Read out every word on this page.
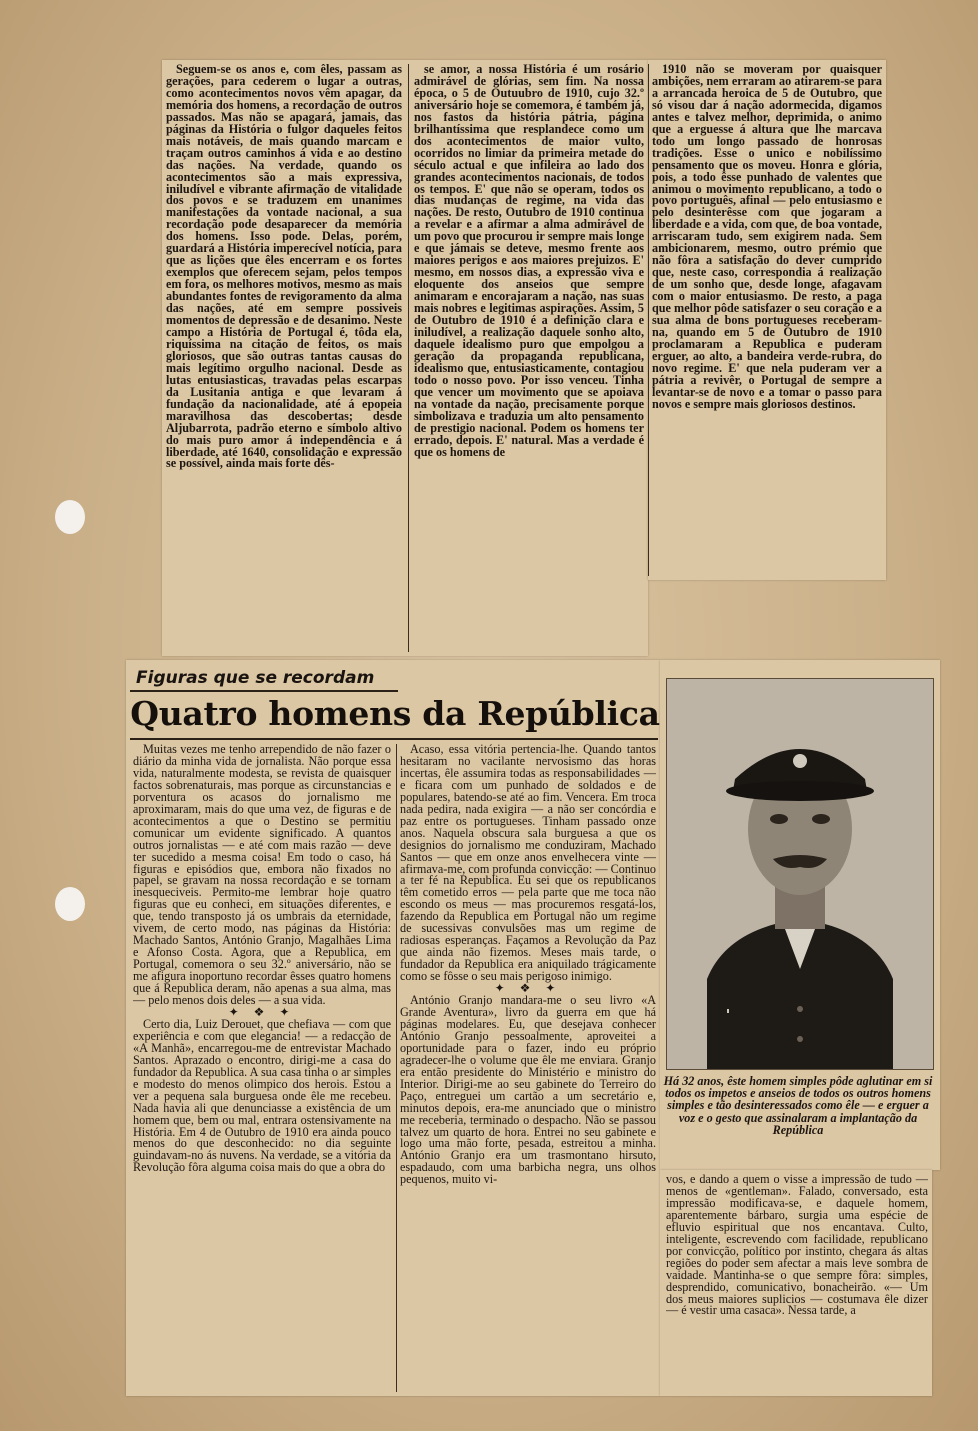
Seguem-se os anos e, com êles, passam as gerações, para cederem o lugar a outras, como acontecimentos novos vêm apagar, da memória dos homens, a recordação de outros passados. Mas não se apagará, jamais, das páginas da História o fulgor daqueles feitos mais notáveis, de mais quando marcam e traçam outros caminhos á vida e ao destino das nações. Na verdade, quando os acontecimentos são a mais expressiva, iniludível e vibrante afirmação de vitalidade dos povos e se traduzem em unanimes manifestações da vontade nacional, a sua recordação pode desaparecer da memória dos homens. Isso pode. Delas, porém, guardará a História imperecível notícia, para que as lições que êles encerram e os fortes exemplos que oferecem sejam, pelos tempos em fora, os melhores motivos, mesmo as mais abundantes fontes de revigoramento da alma das nações, até em sempre possiveis momentos de depressão e de desanimo. Neste campo a História de Portugal é, tôda ela, riquíssima na citação de feitos, os mais gloriosos, que são outras tantas causas do mais legítimo orgulho nacional. Desde as lutas entusiasticas, travadas pelas escarpas da Lusitania antiga e que levaram á fundação da nacionalidade, até á epopeia maravilhosa das descobertas; desde Aljubarrota, padrão eterno e símbolo altivo do mais puro amor á independência e á liberdade, até 1640, consolidação e expressão se possível, ainda mais forte dês-

se amor, a nossa História é um rosário admirável de glórias, sem fim. Na nossa época, o 5 de Outuubro de 1910, cujo 32.º aniversário hoje se comemora, é também já, nos fastos da história pátria, página brilhantíssima que resplandece como um dos acontecimentos de maior vulto, ocorridos no limiar da primeira metade do século actual e que infileira ao lado dos grandes acontecimentos nacionais, de todos os tempos. E' que não se operam, todos os dias mudanças de regime, na vida das nações. De resto, Outubro de 1910 continua a revelar e a afirmar a alma admirável de um povo que procurou ir sempre mais longe e que jámais se deteve, mesmo frente aos maiores perigos e aos maiores prejuizos. E' mesmo, em nossos dias, a expressão viva e eloquente dos anseios que sempre animaram e encorajaram a nação, nas suas mais nobres e legitimas aspirações. Assim, 5 de Outubro de 1910 é a definição clara e iniludível, a realização daquele sonho alto, daquele idealismo puro que empolgou a geração da propaganda republicana, idealismo que, entusiasticamente, contagiou todo o nosso povo. Por isso venceu. Tinha que vencer um movimento que se apoiava na vontade da nação, precisamente porque simbolizava e traduzia um alto pensamento de prestigio nacional. Podem os homens ter errado, depois. E' natural. Mas a verdade é que os homens de

1910 não se moveram por quaisquer ambições, nem erraram ao atirarem-se para a arrancada heroica de 5 de Outubro, que só visou dar á nação adormecida, digamos antes e talvez melhor, deprimida, o animo que a erguesse á altura que lhe marcava todo um longo passado de honrosas tradições. Esse o unico e nobilíssimo pensamento que os moveu. Honra e glória, pois, a todo êsse punhado de valentes que animou o movimento republicano, a todo o povo português, afinal — pelo entusiasmo e pelo desinterêsse com que jogaram a liberdade e a vida, com que, de boa vontade, arriscaram tudo, sem exigirem nada. Sem ambicionarem, mesmo, outro prémio que não fôra a satisfação do dever cumprido que, neste caso, correspondia á realização de um sonho que, desde longe, afagavam com o maior entusiasmo. De resto, a paga que melhor pôde satisfazer o seu coração e a sua alma de bons portugueses receberam-na, quando em 5 de Outubro de 1910 proclamaram a Republica e puderam erguer, ao alto, a bandeira verde-rubra, do novo regime. E' que nela puderam ver a pátria a revivêr, o Portugal de sempre a levantar-se de novo e a tomar o passo para novos e sempre mais gloriosos destinos.

Figuras que se recordam
Quatro homens da República

Muitas vezes me tenho arrependido de não fazer o diário da minha vida de jornalista. Não porque essa vida, naturalmente modesta, se revista de quaisquer factos sobrenaturais, mas porque as circunstancias e porventura os acasos do jornalismo me aproximaram, mais do que uma vez, de figuras e de acontecimentos a que o Destino se permitiu comunicar um evidente significado. A quantos outros jornalistas — e até com mais razão — deve ter sucedido a mesma coisa! Em todo o caso, há figuras e episódios que, embora não fixados no papel, se gravam na nossa recordação e se tornam inesqueciveis. Permito-me lembrar hoje quatro figuras que eu conheci, em situações diferentes, e que, tendo transposto já os umbrais da eternidade, vivem, de certo modo, nas páginas da História: Machado Santos, António Granjo, Magalhães Lima e Afonso Costa. Agora, que a Republica, em Portugal, comemora o seu 32.º aniversário, não se me afigura inoportuno recordar êsses quatro homens que á Republica deram, não apenas a sua alma, mas — pelo menos dois deles — a sua vida.

✦ ❖ ✦

Certo dia, Luiz Derouet, que chefiava — com que experiência e com que elegancia! — a redacção de «A Manhã», encarregou-me de entrevistar Machado Santos. Aprazado o encontro, dirigi-me a casa do fundador da Republica. A sua casa tinha o ar simples e modesto do menos olimpico dos herois. Estou a ver a pequena sala burguesa onde êle me recebeu. Nada havia ali que denunciasse a existência de um homem que, bem ou mal, entrara ostensivamente na História. Em 4 de Outubro de 1910 era ainda pouco menos do que desconhecido: no dia seguinte guindavam-no ás nuvens. Na verdade, se a vitória da Revolução fôra alguma coisa mais do que a obra do

Acaso, essa vitória pertencia-lhe. Quando tantos hesitaram no vacilante nervosismo das horas incertas, êle assumira todas as responsabilidades — e ficara com um punhado de soldados e de populares, batendo-se até ao fim. Vencera. Em troca nada pedira, nada exigira — a não ser concórdia e paz entre os portugueses. Tinham passado onze anos. Naquela obscura sala burguesa a que os designios do jornalismo me conduziram, Machado Santos — que em onze anos envelhecera vinte — afirmava-me, com profunda convicção: — Continuo a ter fé na Republica. Eu sei que os republicanos têm cometido erros — pela parte que me toca não escondo os meus — mas procuremos resgatá-los, fazendo da Republica em Portugal não um regime de sucessivas convulsões mas um regime de radiosas esperanças. Façamos a Revolução da Paz que ainda não fizemos. Meses mais tarde, o fundador da Republica era aniquilado trágicamente como se fôsse o seu mais perigoso inimigo.

✦ ❖ ✦

António Granjo mandara-me o seu livro «A Grande Aventura», livro da guerra em que há páginas modelares. Eu, que desejava conhecer António Granjo pessoalmente, aproveitei a oportunidade para o fazer, indo eu próprio agradecer-lhe o volume que êle me enviara. Granjo era então presidente do Ministério e ministro do Interior. Dirigi-me ao seu gabinete do Terreiro do Paço, entreguei um cartão a um secretário e, minutos depois, era-me anunciado que o ministro me receberia, terminado o despacho. Não se passou talvez um quarto de hora. Entrei no seu gabinete e logo uma mão forte, pesada, estreitou a minha. António Granjo era um trasmontano hirsuto, espadaudo, com uma barbicha negra, uns olhos pequenos, muito vi-

Há 32 anos, êste homem simples pôde aglutinar em si todos os impetos e anseios de todos os outros homens simples e tão desinteressados como êle — e erguer a voz e o gesto que assinalaram a implantação da República

vos, e dando a quem o visse a impressão de tudo — menos de «gentleman». Falado, conversado, esta impressão modificava-se, e daquele homem, aparentemente bárbaro, surgia uma espécie de efluvio espiritual que nos encantava. Culto, inteligente, escrevendo com facilidade, republicano por convicção, político por instinto, chegara ás altas regiões do poder sem afectar a mais leve sombra de vaidade. Mantinha-se o que sempre fôra: simples, desprendido, comunicativo, bonacheirão. «— Um dos meus maiores suplicios — costumava êle dizer — é vestir uma casaca». Nessa tarde, a
